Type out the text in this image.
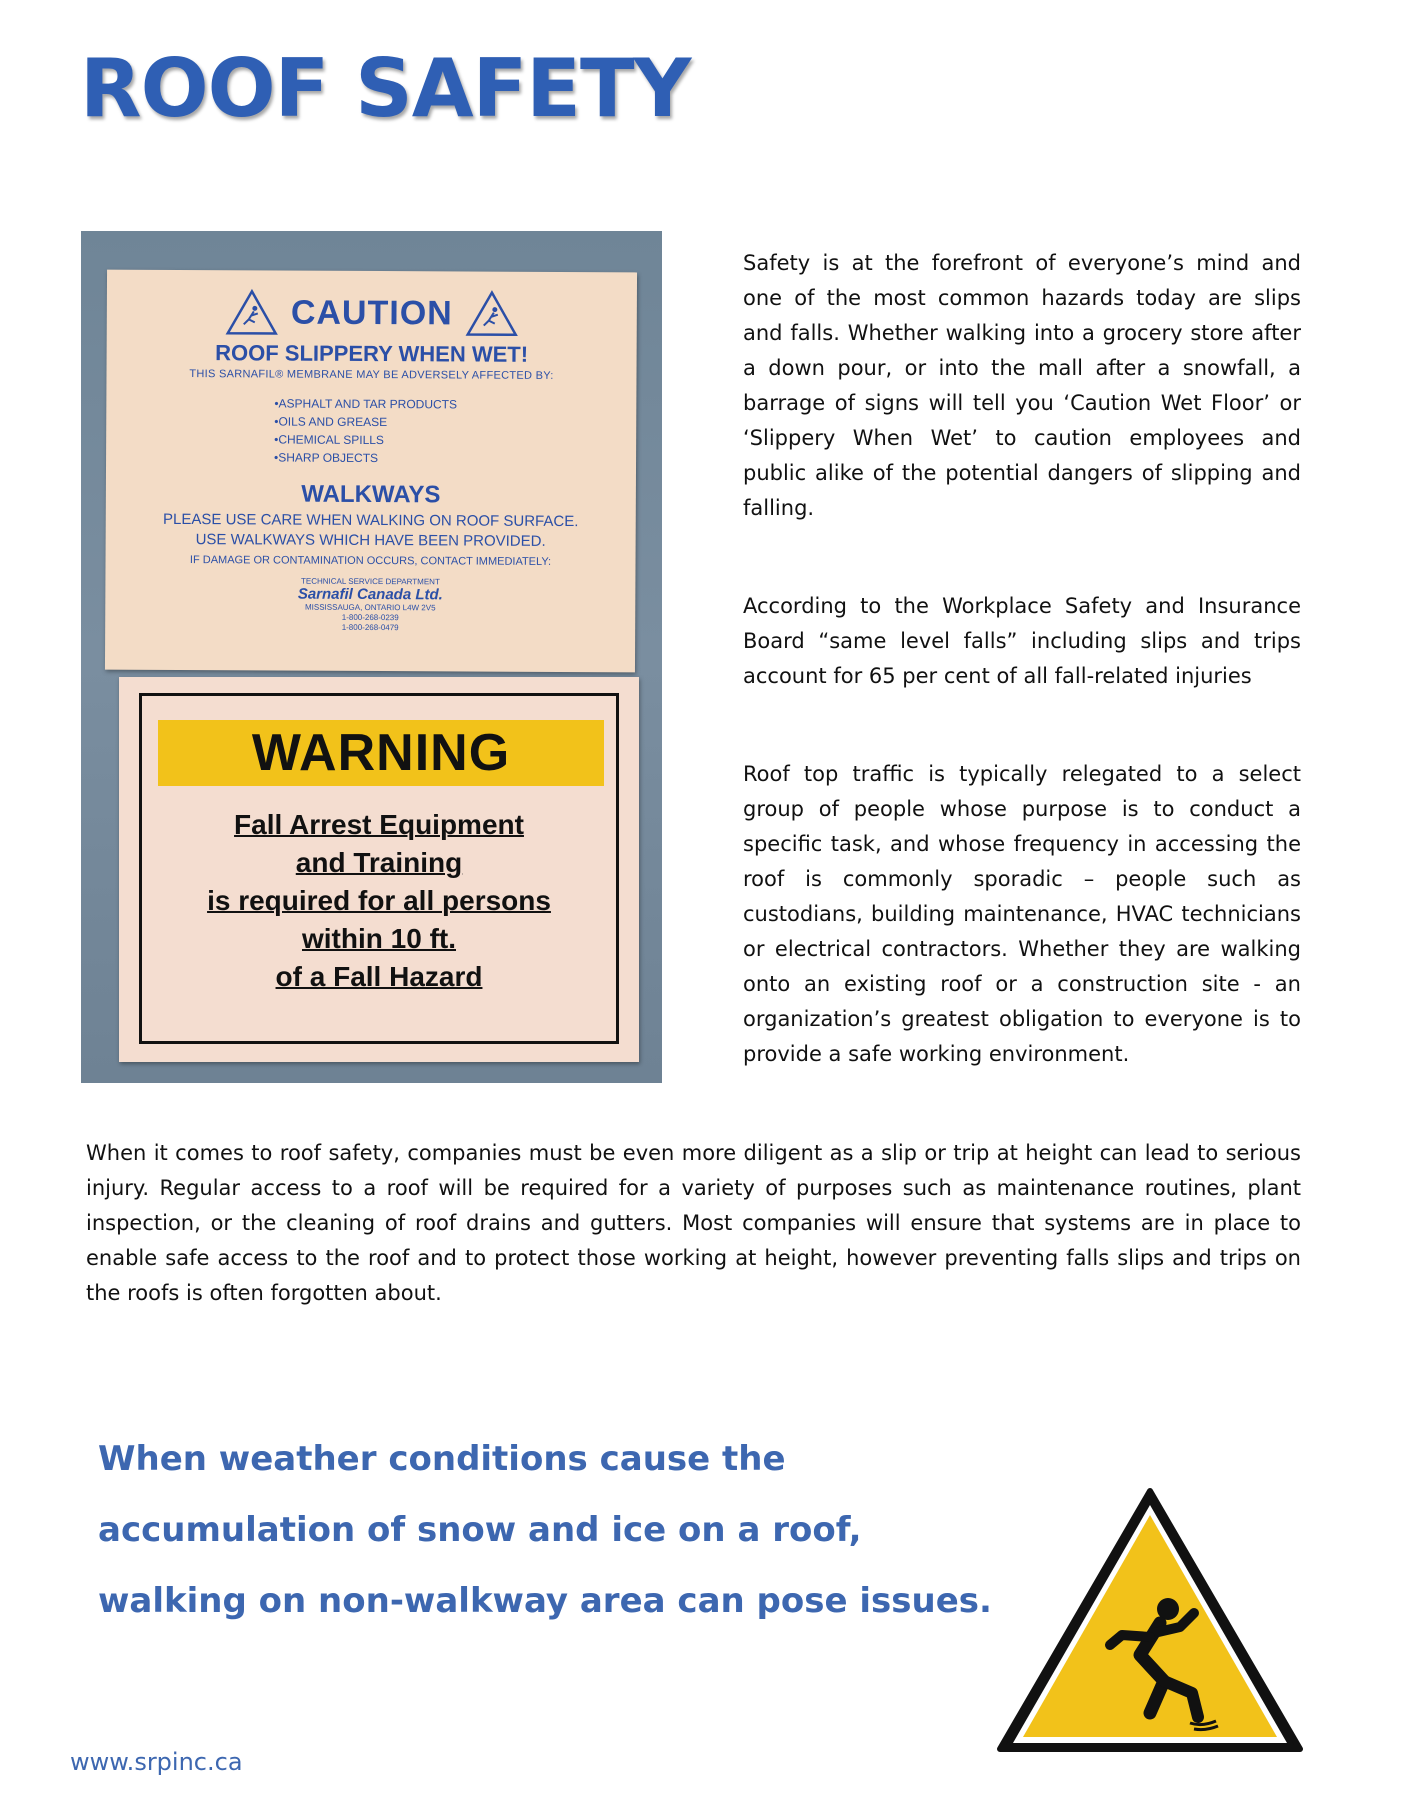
ROOF SAFETY
CAUTION
ROOF SLIPPERY WHEN WET!
THIS SARNAFIL® MEMBRANE MAY BE ADVERSELY AFFECTED BY:
• ASPHALT AND TAR PRODUCTS
• OILS AND GREASE
• CHEMICAL SPILLS
• SHARP OBJECTS
WALKWAYS
PLEASE USE CARE WHEN WALKING ON ROOF SURFACE.
USE WALKWAYS WHICH HAVE BEEN PROVIDED.
IF DAMAGE OR CONTAMINATION OCCURS, CONTACT IMMEDIATELY:
TECHNICAL SERVICE DEPARTMENT
Sarnafil Canada Ltd.
MISSISSAUGA, ONTARIO L4W 2V5
1-800-268-0239
1-800-268-0479
WARNING
Fall Arrest Equipment
and Training
is required for all persons
within 10 ft.
of a Fall Hazard

Safety is at the forefront of everyone’s mind and one of the most common hazards today are slips and falls. Whether walking into a grocery store after a down pour, or into the mall after a snowfall, a barrage of signs will tell you ‘Caution Wet Floor’ or ‘Slippery When Wet’ to caution employees and public alike of the potential dangers of slipping and falling.

According to the Workplace Safety and Insurance Board “same level falls” including slips and trips account for 65 per cent of all fall-related injuries

Roof top traffic is typically relegated to a select group of people whose purpose is to conduct a specific task, and whose frequency in accessing the roof is commonly sporadic – people such as custodians, building maintenance, HVAC technicians or electrical contractors. Whether they are walking onto an existing roof or a construction site - an organization’s greatest obligation to everyone is to provide a safe working environment.

When it comes to roof safety, companies must be even more diligent as a slip or trip at height can lead to serious injury. Regular access to a roof will be required for a variety of purposes such as maintenance routines, plant inspection, or the cleaning of roof drains and gutters. Most companies will ensure that systems are in place to enable safe access to the roof and to protect those working at height, however preventing falls slips and trips on the roofs is often forgotten about.

When weather conditions cause the accumulation of snow and ice on a roof, walking on non-walkway area can pose issues.

www.srpinc.ca
